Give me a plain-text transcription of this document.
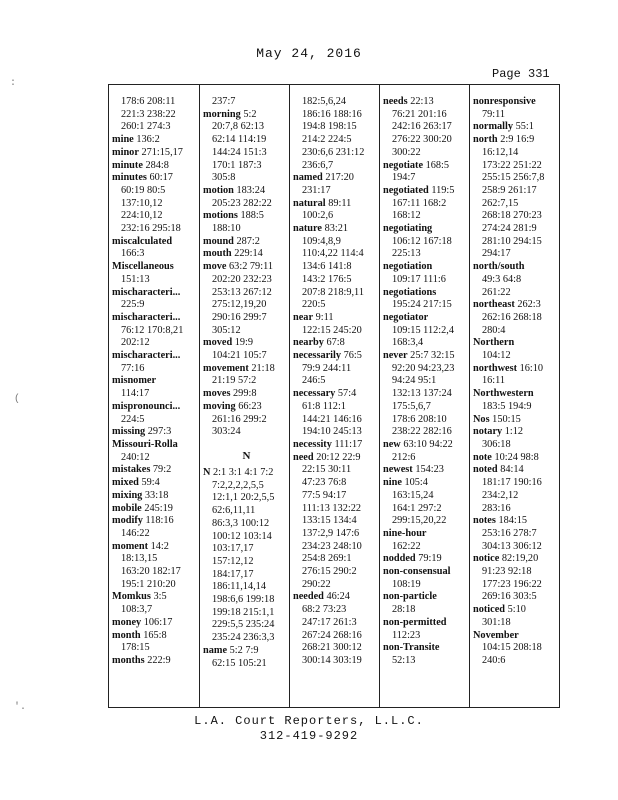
May 24, 2016
Page 331
178:6 208:11
221:3 238:22
260:1 274:3
mine 136:2
minor 271:15,17
minute 284:8
minutes 60:17
60:19 80:5
137:10,12
224:10,12
232:16 295:18
miscalculated
166:3
Miscellaneous
151:13
mischaracteri...
225:9
mischaracteri...
76:12 170:8,21
202:12
mischaracteri...
77:16
misnomer
114:17
mispronounci...
224:5
missing 297:3
Missouri-Rolla
240:12
mistakes 79:2
mixed 59:4
mixing 33:18
mobile 245:19
modify 118:16
146:22
moment 14:2
18:13,15
163:20 182:17
195:1 210:20
Momkus 3:5
108:3,7
money 106:17
month 165:8
178:15
months 222:9
237:7
morning 5:2
20:7,8 62:13
62:14 114:19
144:24 151:3
170:1 187:3
305:8
motion 183:24
205:23 282:22
motions 188:5
188:10
mound 287:2
mouth 229:14
move 63:2 79:11
202:20 232:23
253:13 267:12
275:12,19,20
290:16 299:7
305:12
moved 19:9
104:21 105:7
movement 21:18
21:19 57:2
moves 299:8
moving 66:23
261:16 299:2
303:24
N
N 2:1 3:1 4:1 7:2
7:2,2,2,2,5,5
12:1,1 20:2,5,5
62:6,11,11
86:3,3 100:12
100:12 103:14
103:17,17
157:12,12
184:17,17
186:11,14,14
198:6,6 199:18
199:18 215:1,1
229:5,5 235:24
235:24 236:3,3
name 5:2 7:9
62:15 105:21
182:5,6,24
186:16 188:16
194:8 198:15
214:2 224:5
230:6,6 231:12
236:6,7
named 217:20
231:17
natural 89:11
100:2,6
nature 83:21
109:4,8,9
110:4,22 114:4
134:6 141:8
143:2 176:5
207:8 218:9,11
220:5
near 9:11
122:15 245:20
nearby 67:8
necessarily 76:5
79:9 244:11
246:5
necessary 57:4
61:8 112:1
144:21 146:16
194:10 245:13
necessity 111:17
need 20:12 22:9
22:15 30:11
47:23 76:8
77:5 94:17
111:13 132:22
133:15 134:4
137:2,9 147:6
234:23 248:10
254:8 269:1
276:15 290:2
290:22
needed 46:24
68:2 73:23
247:17 261:3
267:24 268:16
268:21 300:12
300:14 303:19
needs 22:13
76:21 201:16
242:16 263:17
276:22 300:20
300:22
negotiate 168:5
194:7
negotiated 119:5
167:11 168:2
168:12
negotiating
106:12 167:18
225:13
negotiation
109:17 111:6
negotiations
195:24 217:15
negotiator
109:15 112:2,4
168:3,4
never 25:7 32:15
92:20 94:23,23
94:24 95:1
132:13 137:24
175:5,6,7
178:6 208:10
238:22 282:16
new 63:10 94:22
212:6
newest 154:23
nine 105:4
163:15,24
164:1 297:2
299:15,20,22
nine-hour
162:22
nodded 79:19
non-consensual
108:19
non-particle
28:18
non-permitted
112:23
non-Transite
52:13
nonresponsive
79:11
normally 55:1
north 2:9 16:9
16:12,14
173:22 251:22
255:15 256:7,8
258:9 261:17
262:7,15
268:18 270:23
274:24 281:9
281:10 294:15
294:17
north/south
49:3 64:8
261:22
northeast 262:3
262:16 268:18
280:4
Northern
104:12
northwest 16:10
16:11
Northwestern
183:5 194:9
Nos 150:15
notary 1:12
306:18
note 10:24 98:8
noted 84:14
181:17 190:16
234:2,12
283:16
notes 184:15
253:16 278:7
304:13 306:12
notice 82:19,20
91:23 92:18
177:23 196:22
269:16 303:5
noticed 5:10
301:18
November
104:15 208:18
240:6
L.A. Court Reporters, L.L.C.
312-419-9292
:
(
'.
